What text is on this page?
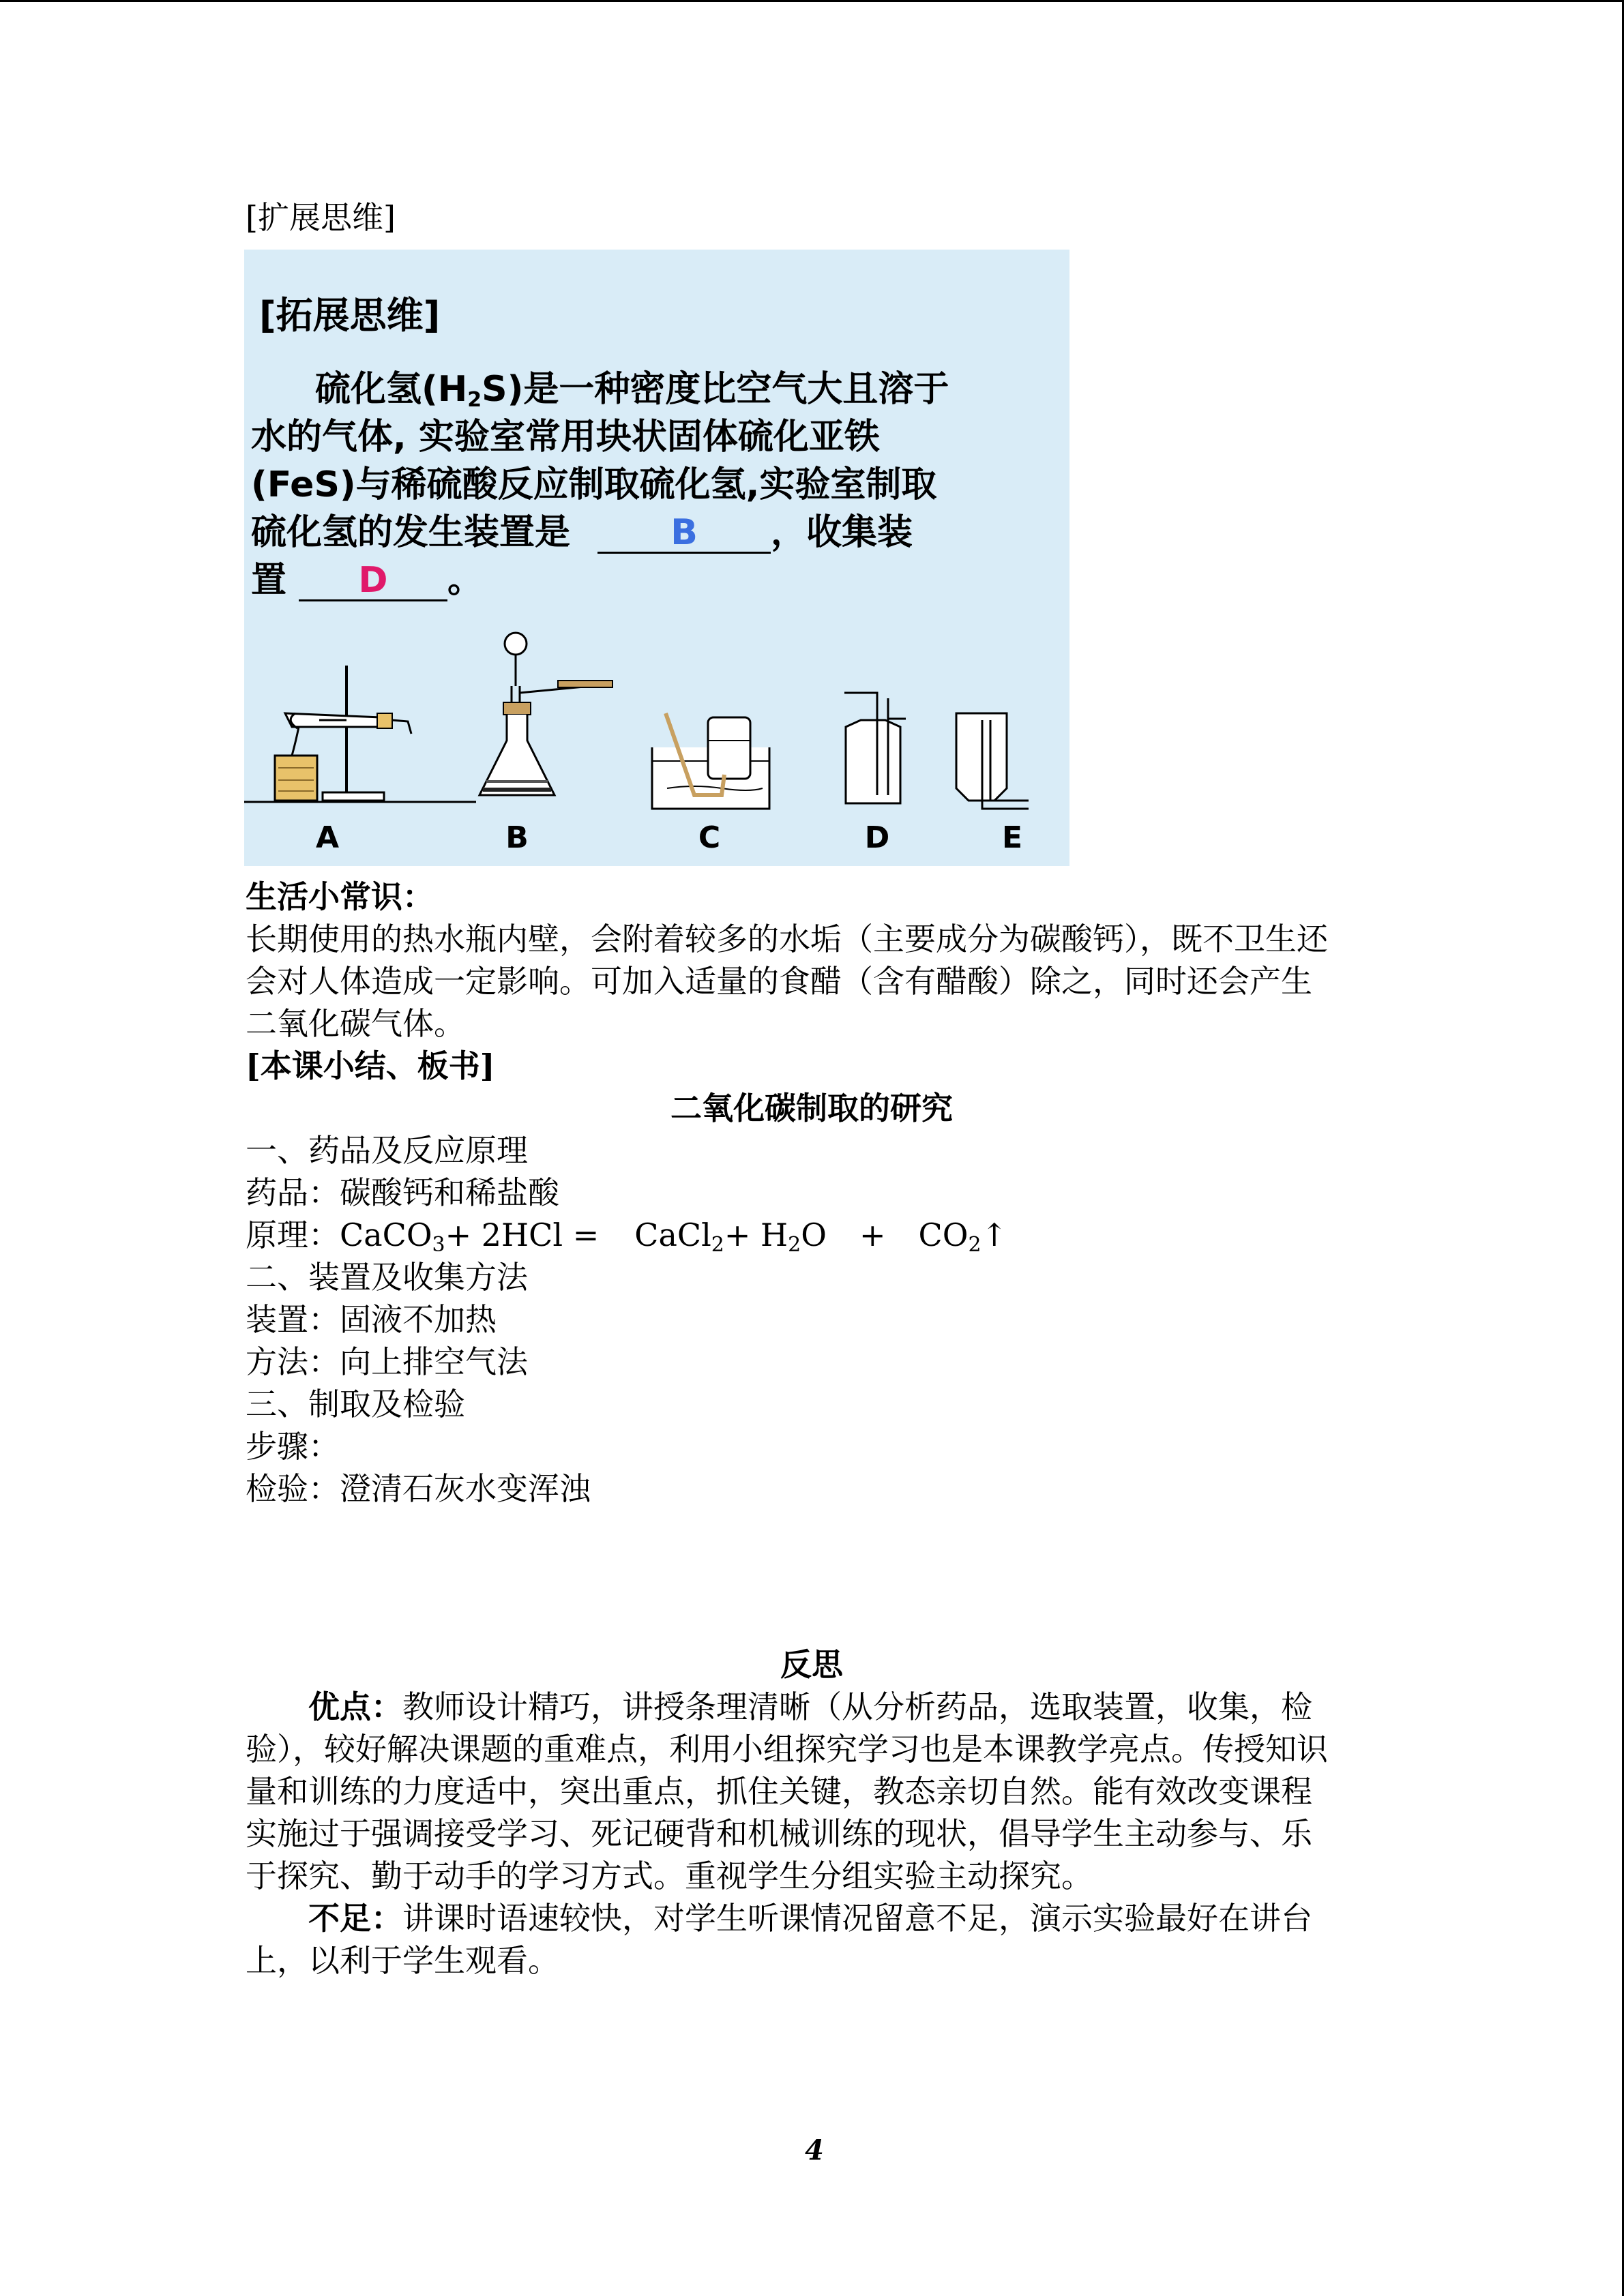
[扩展思维]
[拓展思维]
硫化氢$(H_2S)$是一种密度比空气大且溶于
水的气体, 实验室常用块状固体硫化亚铁
(FeS)与稀硫酸反应制取硫化氢,实验室制取
硫化氢的发生装置是	B ，收集装
置 D 。
A	B	C	D	E
生活小常识：
长期使用的热水瓶内壁，会附着较多的水垢（主要成分为碳酸钙），既不卫生还
会对人体造成一定影响。可加入适量的食醋（含有醋酸）除之，同时还会产生
二氧化碳气体。
[本课小结、板书]
二氧化碳制取的研究
一、药品及反应原理
药品：碳酸钙和稀盐酸
原理：CaCO$_3$+ 2HCl = CaCl$_2$+ $H_2O$ + $CO_2↑$
二、装置及收集方法
装置：固液不加热
方法：向上排空气法
三、制取及检验
步骤：
检验：澄清石灰水变浑浊
反思
优点：教师设计精巧，讲授条理清晰（从分析药品，选取装置，收集，检
验），较好解决课题的重难点，利用小组探究学习也是本课教学亮点。传授知识
量和训练的力度适中，突出重点，抓住关键，教态亲切自然。能有效改变课程
实施过于强调接受学习、死记硬背和机械训练的现状，倡导学生主动参与、乐
于探究、勤于动手的学习方式。重视学生分组实验主动探究。
不足：讲课时语速较快，对学生听课情况留意不足，演示实验最好在讲台
上，以利于学生观看。
4
